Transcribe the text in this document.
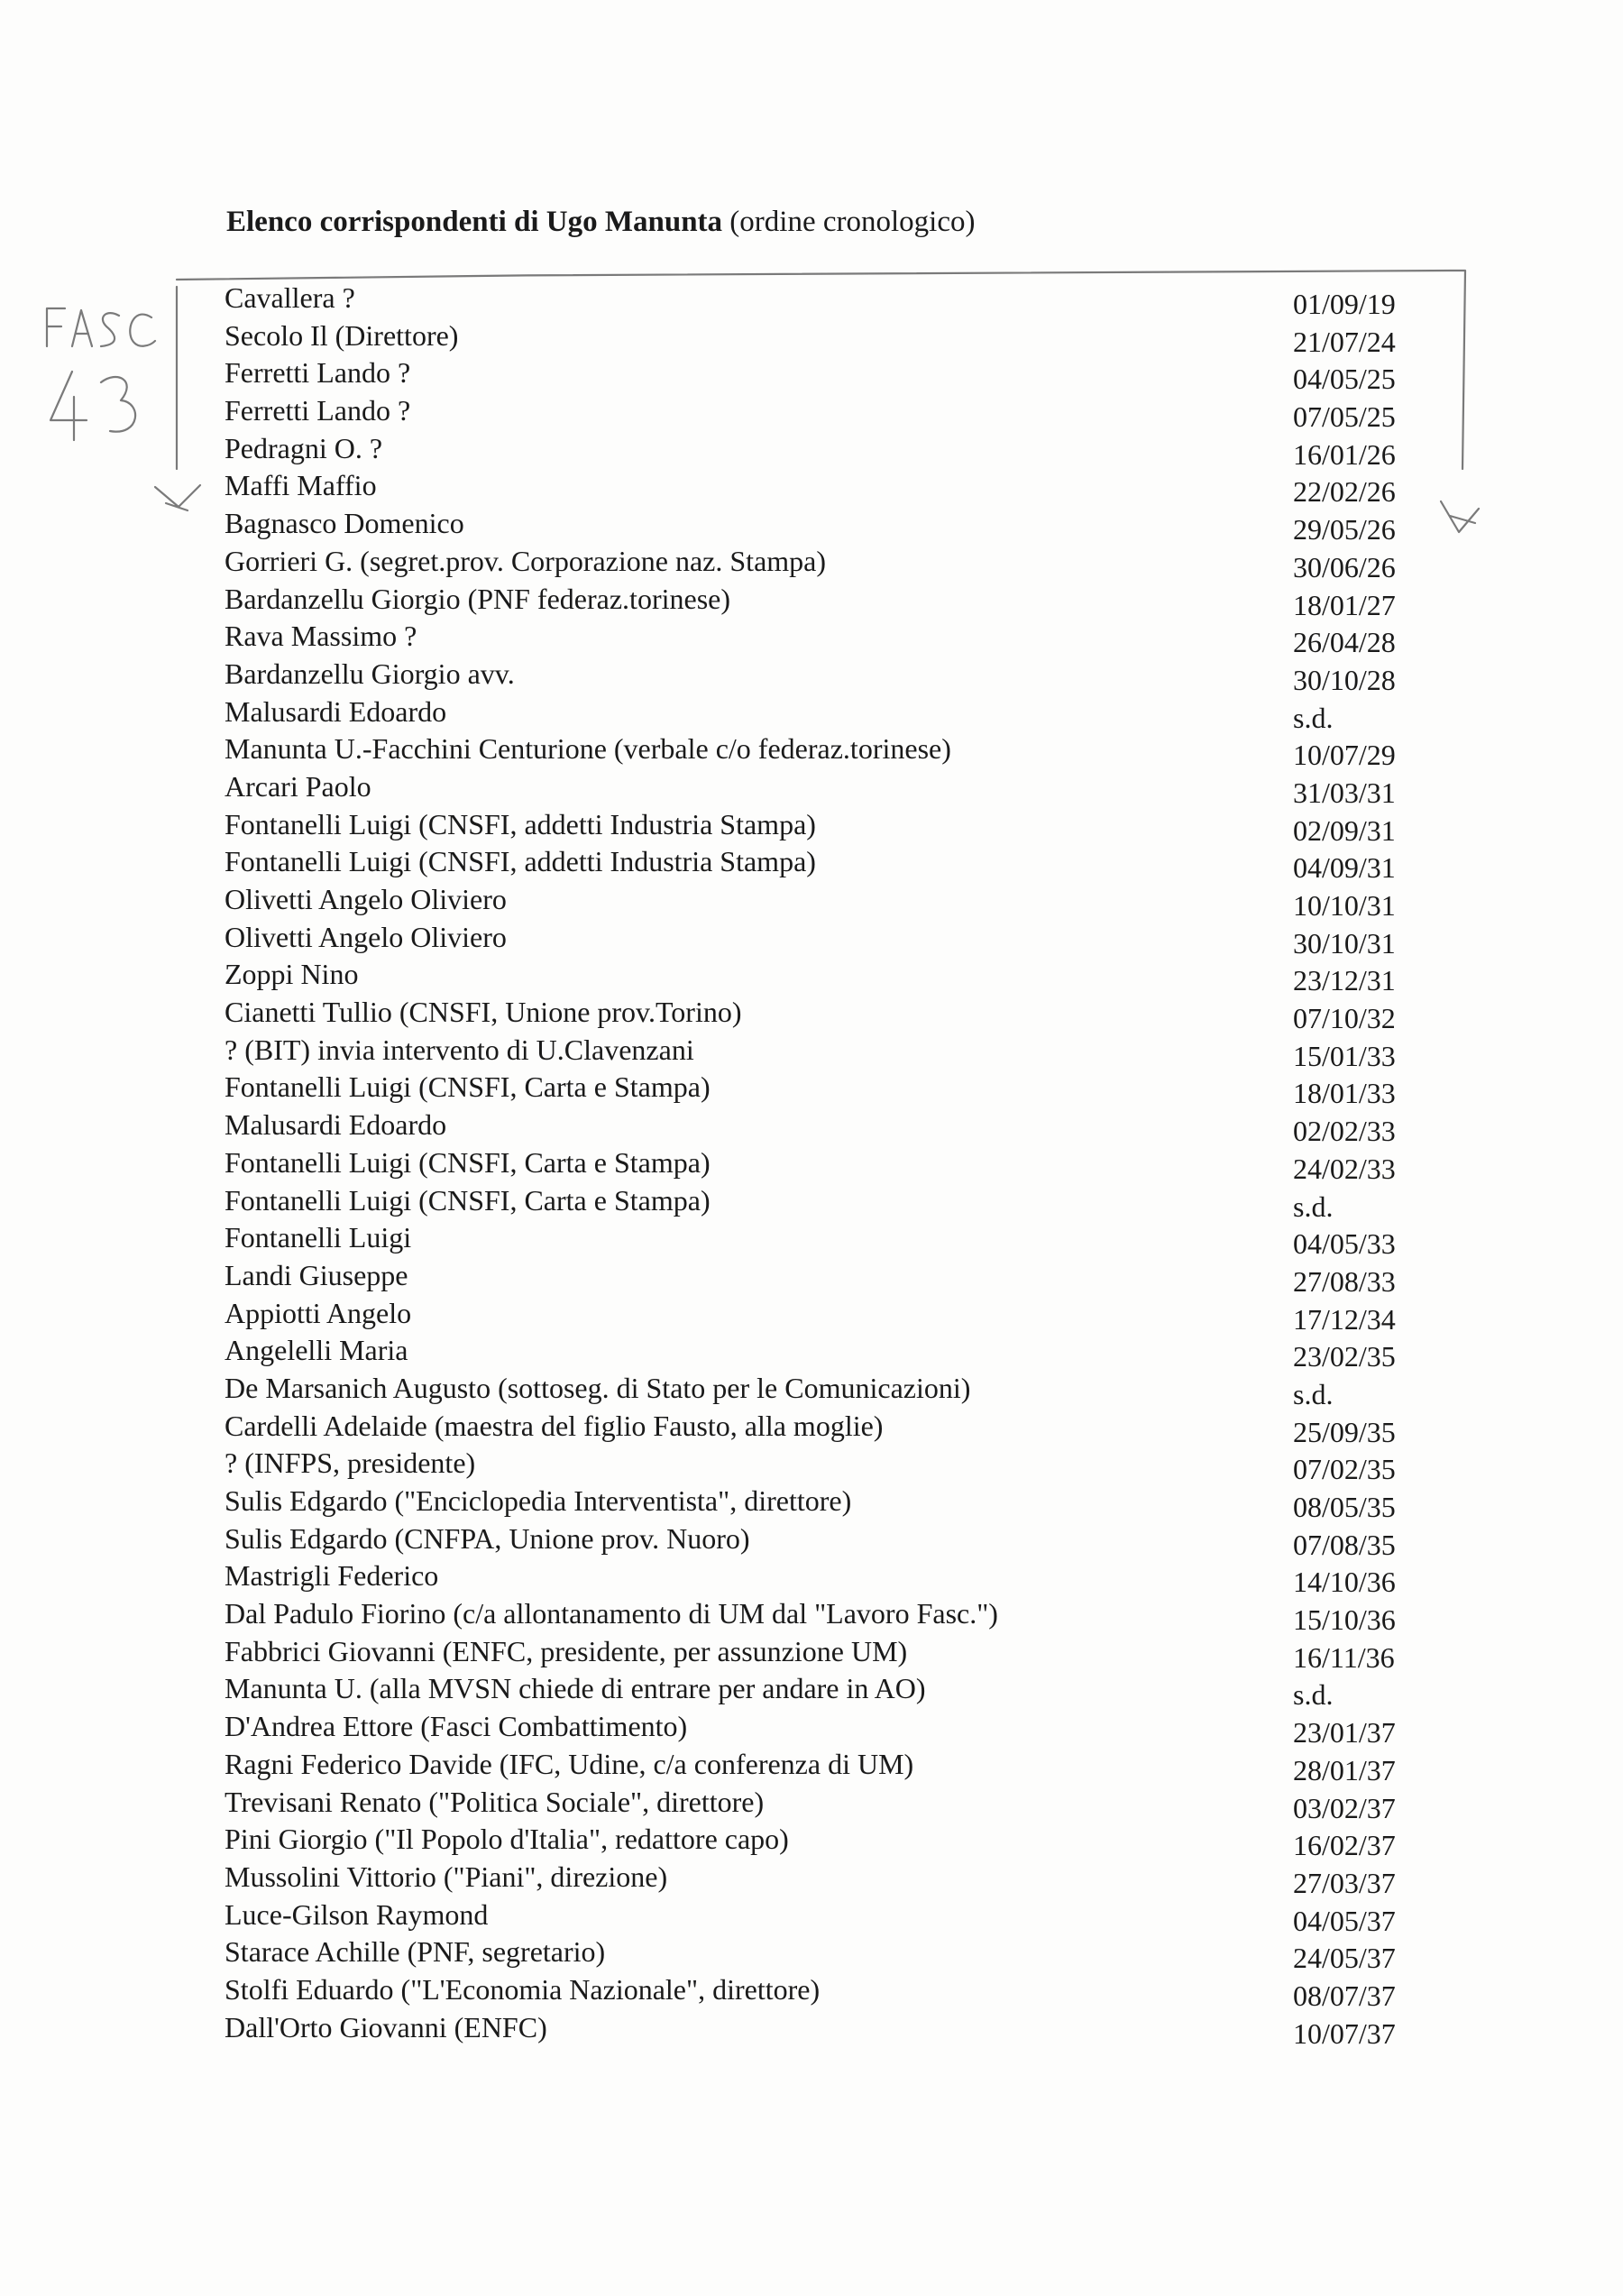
Elenco corrispondenti di Ugo Manunta (ordine cronologico)
Cavallera ?	01/09/19
Secolo Il (Direttore)	21/07/24
Ferretti Lando ?	04/05/25
Ferretti Lando ?	07/05/25
Pedragni O. ?	16/01/26
Maffi Maffio	22/02/26
Bagnasco Domenico	29/05/26
Gorrieri G. (segret.prov. Corporazione naz. Stampa)	30/06/26
Bardanzellu Giorgio (PNF federaz.torinese)	18/01/27
Rava Massimo ?	26/04/28
Bardanzellu Giorgio avv.	30/10/28
Malusardi Edoardo	s.d.
Manunta U.-Facchini Centurione (verbale c/o federaz.torinese)	10/07/29
Arcari Paolo	31/03/31
Fontanelli Luigi (CNSFI, addetti Industria Stampa)	02/09/31
Fontanelli Luigi (CNSFI, addetti Industria Stampa)	04/09/31
Olivetti Angelo Oliviero	10/10/31
Olivetti Angelo Oliviero	30/10/31
Zoppi Nino	23/12/31
Cianetti Tullio (CNSFI, Unione prov.Torino)	07/10/32
? (BIT) invia intervento di U.Clavenzani	15/01/33
Fontanelli Luigi (CNSFI, Carta e Stampa)	18/01/33
Malusardi Edoardo	02/02/33
Fontanelli Luigi (CNSFI, Carta e Stampa)	24/02/33
Fontanelli Luigi (CNSFI, Carta e Stampa)	s.d.
Fontanelli Luigi	04/05/33
Landi Giuseppe	27/08/33
Appiotti Angelo	17/12/34
Angelelli Maria	23/02/35
De Marsanich Augusto (sottoseg. di Stato per le Comunicazioni)	s.d.
Cardelli Adelaide (maestra del figlio Fausto, alla moglie)	25/09/35
? (INFPS, presidente)	07/02/35
Sulis Edgardo ("Enciclopedia Interventista", direttore)	08/05/35
Sulis Edgardo (CNFPA, Unione prov. Nuoro)	07/08/35
Mastrigli Federico	14/10/36
Dal Padulo Fiorino (c/a allontanamento di UM dal "Lavoro Fasc.")	15/10/36
Fabbrici Giovanni (ENFC, presidente, per assunzione UM)	16/11/36
Manunta U. (alla MVSN chiede di entrare per andare in AO)	s.d.
D'Andrea Ettore (Fasci Combattimento)	23/01/37
Ragni Federico Davide (IFC, Udine, c/a conferenza di UM)	28/01/37
Trevisani Renato ("Politica Sociale", direttore)	03/02/37
Pini Giorgio ("Il Popolo d'Italia", redattore capo)	16/02/37
Mussolini Vittorio ("Piani", direzione)	27/03/37
Luce-Gilson Raymond	04/05/37
Starace Achille (PNF, segretario)	24/05/37
Stolfi Eduardo ("L'Economia Nazionale", direttore)	08/07/37
Dall'Orto Giovanni (ENFC)	10/07/37
